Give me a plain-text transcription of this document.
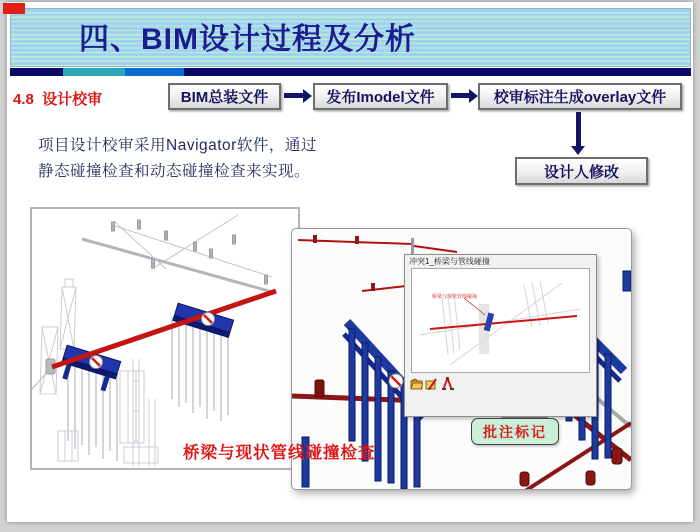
四、BIM设计过程及分析
4.8  设计校审
项目设计校审采用Navigator软件，通过
静态碰撞检查和动态碰撞检查来实现。
BIM总装文件	发布Imodel文件	校审标注生成overlay文件
设计人修改
冲突1_桥梁与管线碰撞
桥梁与现状管线碰撞
批注标记
桥梁与现状管线碰撞检查
